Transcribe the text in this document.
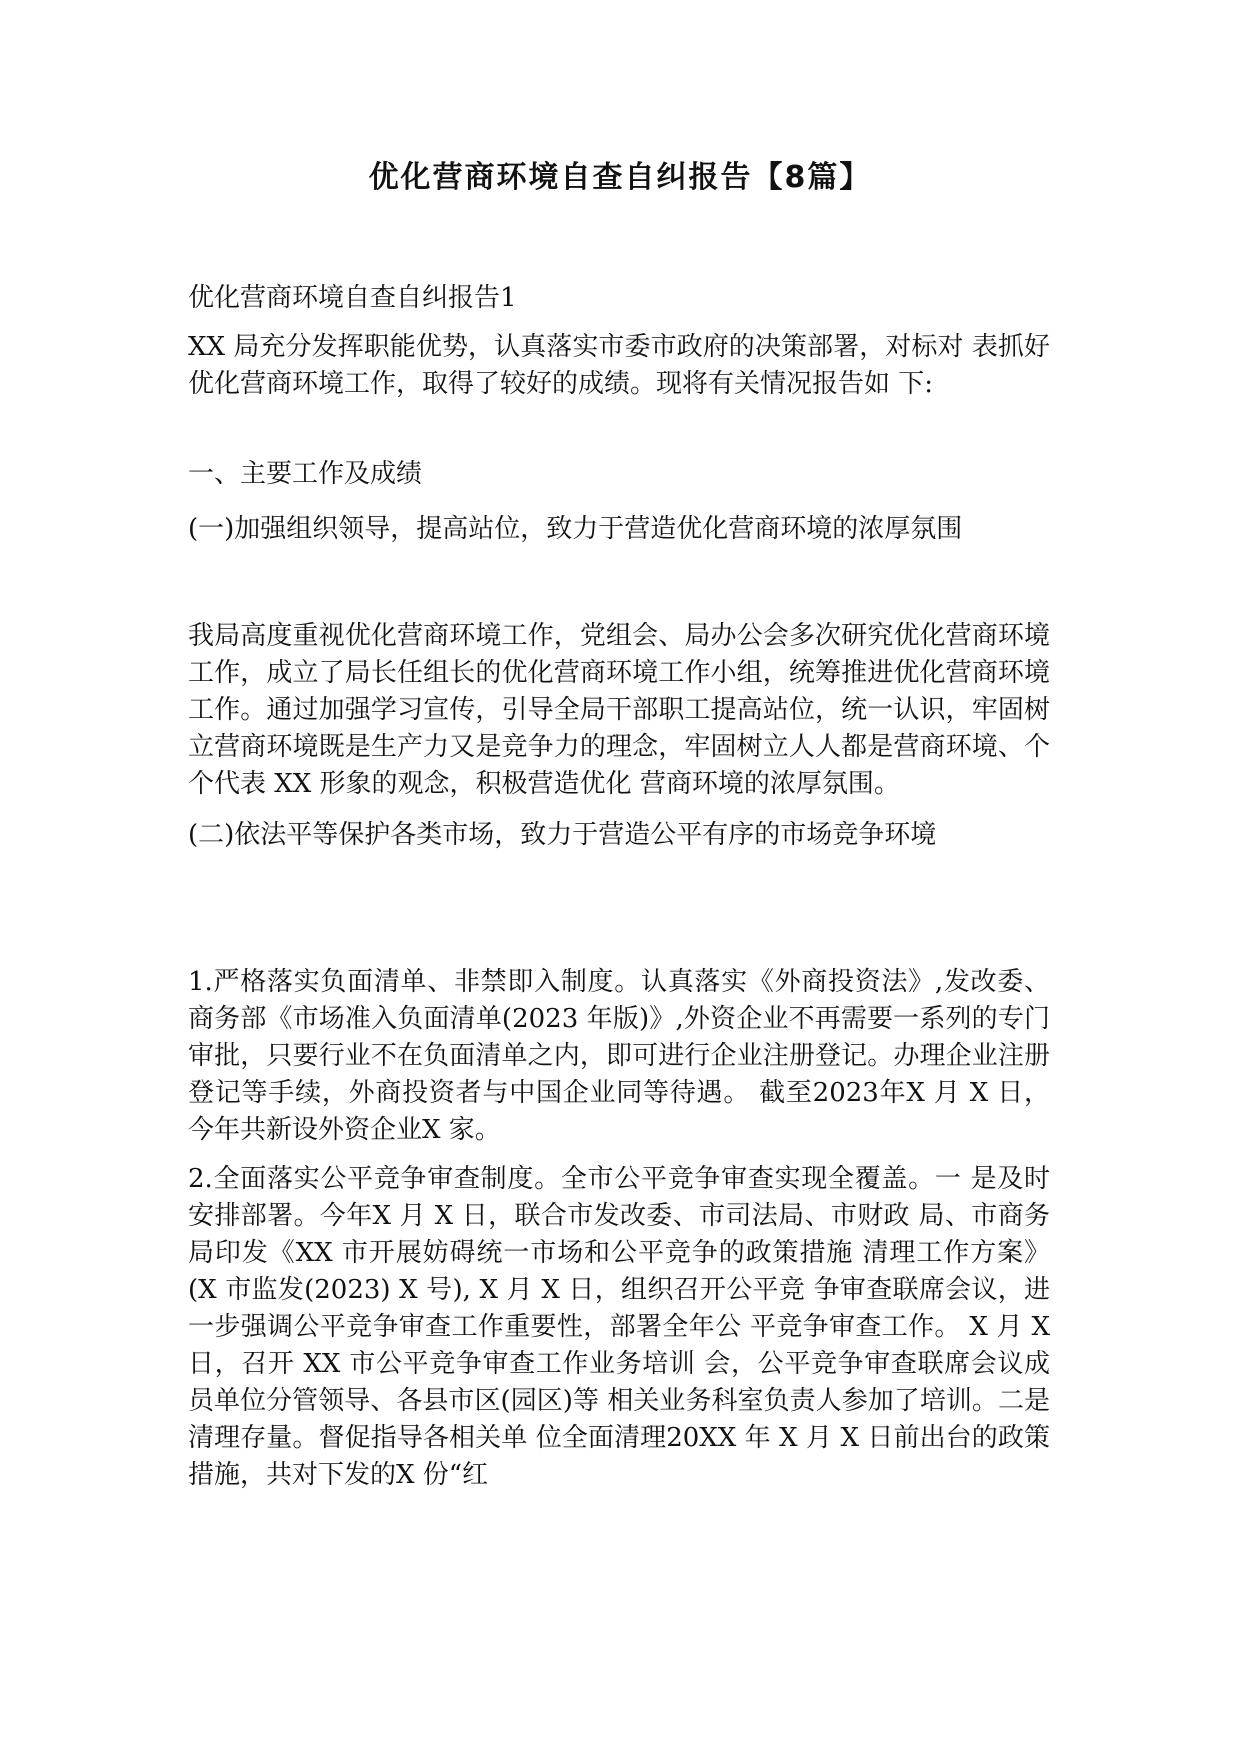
优化营商环境自查自纠报告【8篇】

优化营商环境自查自纠报告1

XX 局充分发挥职能优势，认真落实市委市政府的决策部署，对标对 表抓好优化营商环境工作，取得了较好的成绩。现将有关情况报告如 下:

一、主要工作及成绩

(一)加强组织领导，提高站位，致力于营造优化营商环境的浓厚氛围

我局高度重视优化营商环境工作，党组会、局办公会多次研究优化营商环境工作，成立了局长任组长的优化营商环境工作小组，统筹推进优化营商环境工作。通过加强学习宣传，引导全局干部职工提高站位，统一认识，牢固树立营商环境既是生产力又是竞争力的理念，牢固树立人人都是营商环境、个个代表 XX 形象的观念，积极营造优化 营商环境的浓厚氛围。

(二)依法平等保护各类市场，致力于营造公平有序的市场竞争环境

1.严格落实负面清单、非禁即入制度。认真落实《外商投资法》,发改委、商务部《市场准入负面清单(2023 年版)》,外资企业不再需要一系列的专门审批，只要行业不在负面清单之内，即可进行企业注册登记。办理企业注册登记等手续，外商投资者与中国企业同等待遇。 截至2023年X 月 X 日，今年共新设外资企业X 家。

2.全面落实公平竞争审查制度。全市公平竞争审查实现全覆盖。一 是及时安排部署。今年X 月 X 日，联合市发改委、市司法局、市财政 局、市商务局印发《XX 市开展妨碍统一市场和公平竞争的政策措施 清理工作方案》 (X 市监发(2023) X 号), X 月 X 日，组织召开公平竞 争审查联席会议，进一步强调公平竞争审查工作重要性，部署全年公 平竞争审查工作。 X 月 X 日，召开 XX 市公平竞争审查工作业务培训 会，公平竞争审查联席会议成员单位分管领导、各县市区(园区)等 相关业务科室负责人参加了培训。二是清理存量。督促指导各相关单 位全面清理20XX 年 X 月 X 日前出台的政策措施，共对下发的X 份“红
